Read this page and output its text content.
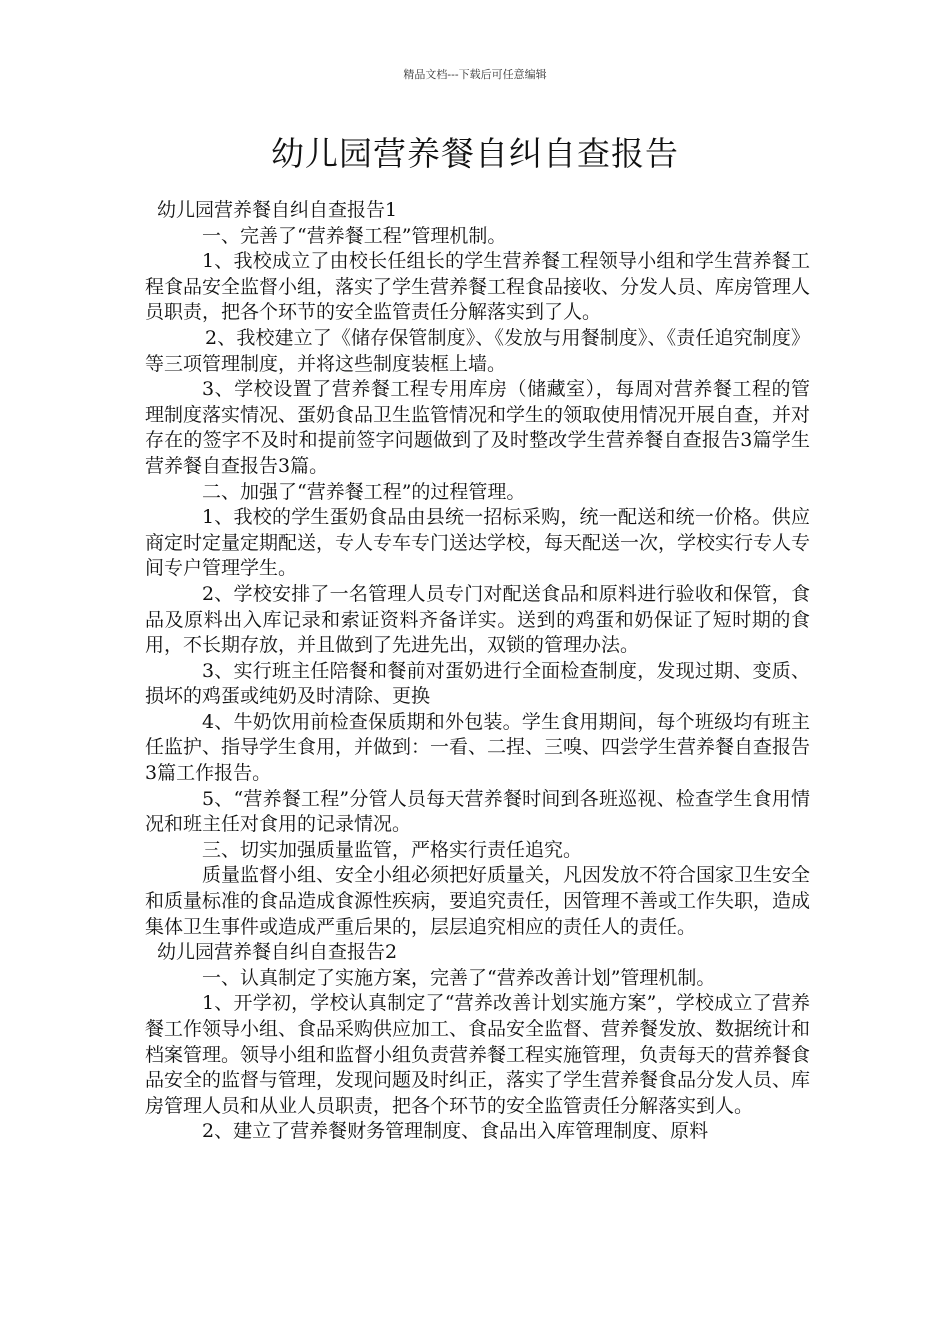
精品文档---下载后可任意编辑
幼儿园营养餐自纠自查报告

幼儿园营养餐自纠自查报告1

一、完善了“营养餐工程”管理机制。

1、我校成立了由校长任组长的学生营养餐工程领导小组和学生营养餐工程食品安全监督小组，落实了学生营养餐工程食品接收、分发人员、库房管理人员职责，把各个环节的安全监管责任分解落实到了人。

2、我校建立了《储存保管制度》、《发放与用餐制度》、《责任追究制度》等三项管理制度，并将这些制度装框上墙。

3、学校设置了营养餐工程专用库房（储藏室），每周对营养餐工程的管理制度落实情况、蛋奶食品卫生监管情况和学生的领取使用情况开展自查，并对存在的签字不及时和提前签字问题做到了及时整改学生营养餐自查报告3篇学生营养餐自查报告3篇。

二、加强了“营养餐工程”的过程管理。

1、我校的学生蛋奶食品由县统一招标采购，统一配送和统一价格。供应商定时定量定期配送，专人专车专门送达学校，每天配送一次，学校实行专人专间专户管理学生。

2、学校安排了一名管理人员专门对配送食品和原料进行验收和保管，食品及原料出入库记录和索证资料齐备详实。送到的鸡蛋和奶保证了短时期的食用，不长期存放，并且做到了先进先出，双锁的管理办法。

3、实行班主任陪餐和餐前对蛋奶进行全面检查制度，发现过期、变质、损坏的鸡蛋或纯奶及时清除、更换

4、牛奶饮用前检查保质期和外包装。学生食用期间，每个班级均有班主任监护、指导学生食用，并做到：一看、二捏、三嗅、四尝学生营养餐自查报告3篇工作报告。

5、“营养餐工程”分管人员每天营养餐时间到各班巡视、检查学生食用情况和班主任对食用的记录情况。

三、切实加强质量监管，严格实行责任追究。

质量监督小组、安全小组必须把好质量关，凡因发放不符合国家卫生安全和质量标准的食品造成食源性疾病，要追究责任，因管理不善或工作失职，造成集体卫生事件或造成严重后果的，层层追究相应的责任人的责任。

幼儿园营养餐自纠自查报告2

一、认真制定了实施方案，完善了“营养改善计划”管理机制。

1、开学初，学校认真制定了“营养改善计划实施方案”，学校成立了营养餐工作领导小组、食品采购供应加工、食品安全监督、营养餐发放、数据统计和档案管理。领导小组和监督小组负责营养餐工程实施管理，负责每天的营养餐食品安全的监督与管理，发现问题及时纠正，落实了学生营养餐食品分发人员、库房管理人员和从业人员职责，把各个环节的安全监管责任分解落实到人。

2、建立了营养餐财务管理制度、食品出入库管理制度、原料
